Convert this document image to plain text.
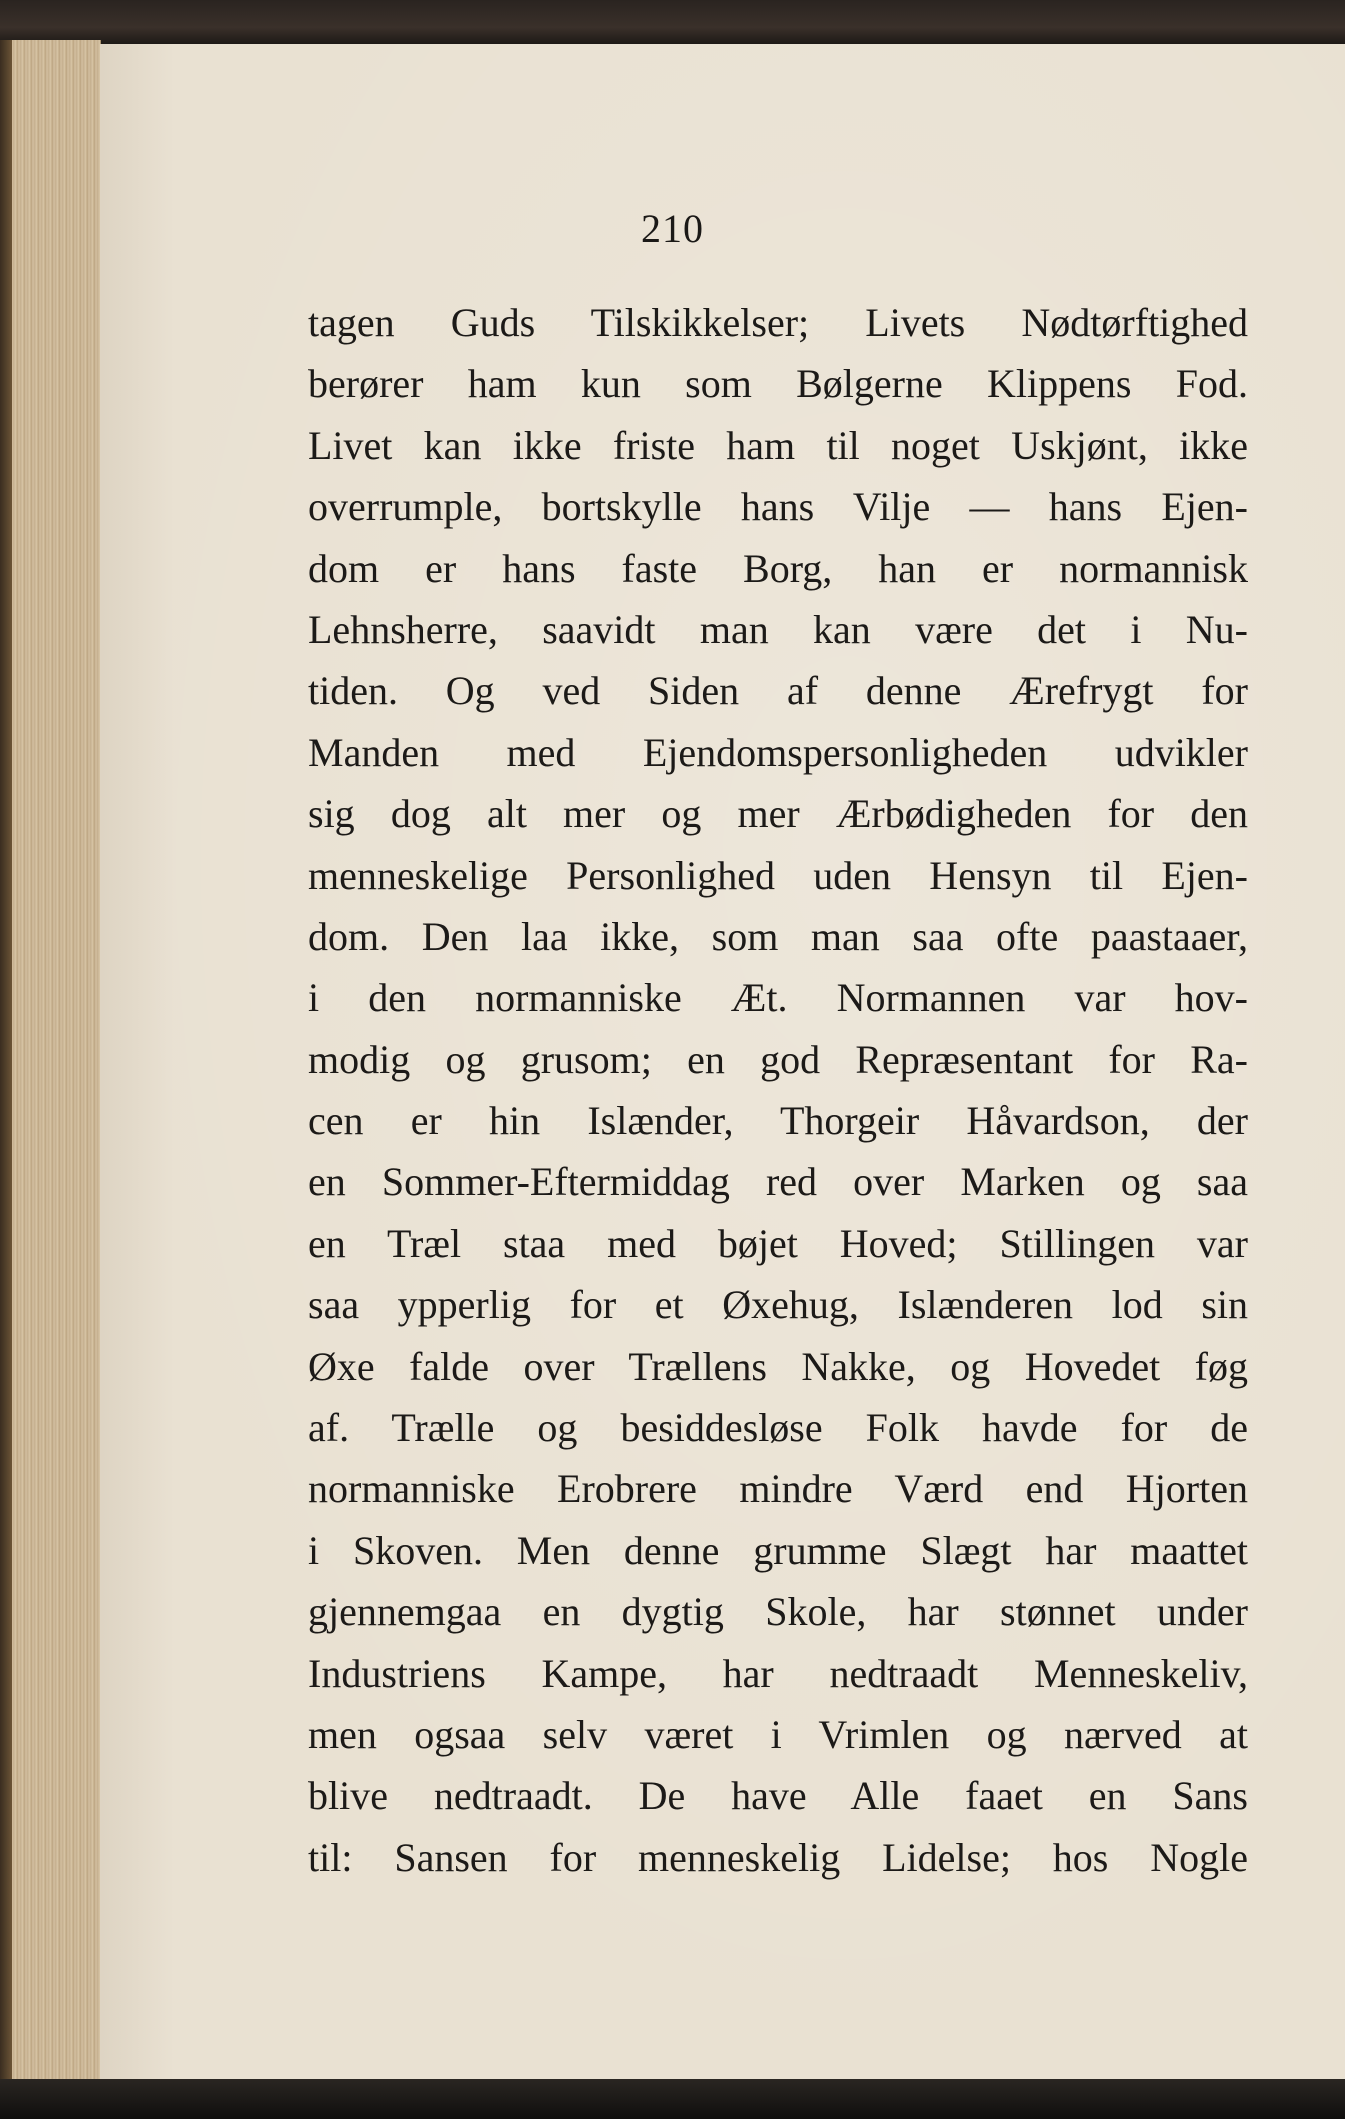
210
tagen Guds Tilskikkelser; Livets Nødtørftighed
berører ham kun som Bølgerne Klippens Fod.
Livet kan ikke friste ham til noget Uskjønt, ikke
overrumple, bortskylle hans Vilje — hans Ejen-
dom er hans faste Borg, han er normannisk
Lehnsherre, saavidt man kan være det i Nu-
tiden. Og ved Siden af denne Ærefrygt for
Manden med Ejendomspersonligheden udvikler
sig dog alt mer og mer Ærbødigheden for den
menneskelige Personlighed uden Hensyn til Ejen-
dom. Den laa ikke, som man saa ofte paastaaer,
i den normanniske Æt. Normannen var hov-
modig og grusom; en god Repræsentant for Ra-
cen er hin Islænder, Thorgeir Håvardson, der
en Sommer-Eftermiddag red over Marken og saa
en Træl staa med bøjet Hoved; Stillingen var
saa ypperlig for et Øxehug, Islænderen lod sin
Øxe falde over Trællens Nakke, og Hovedet føg
af. Trælle og besiddesløse Folk havde for de
normanniske Erobrere mindre Værd end Hjorten
i Skoven. Men denne grumme Slægt har maattet
gjennemgaa en dygtig Skole, har stønnet under
Industriens Kampe, har nedtraadt Menneskeliv,
men ogsaa selv været i Vrimlen og nærved at
blive nedtraadt. De have Alle faaet en Sans
til: Sansen for menneskelig Lidelse; hos Nogle
